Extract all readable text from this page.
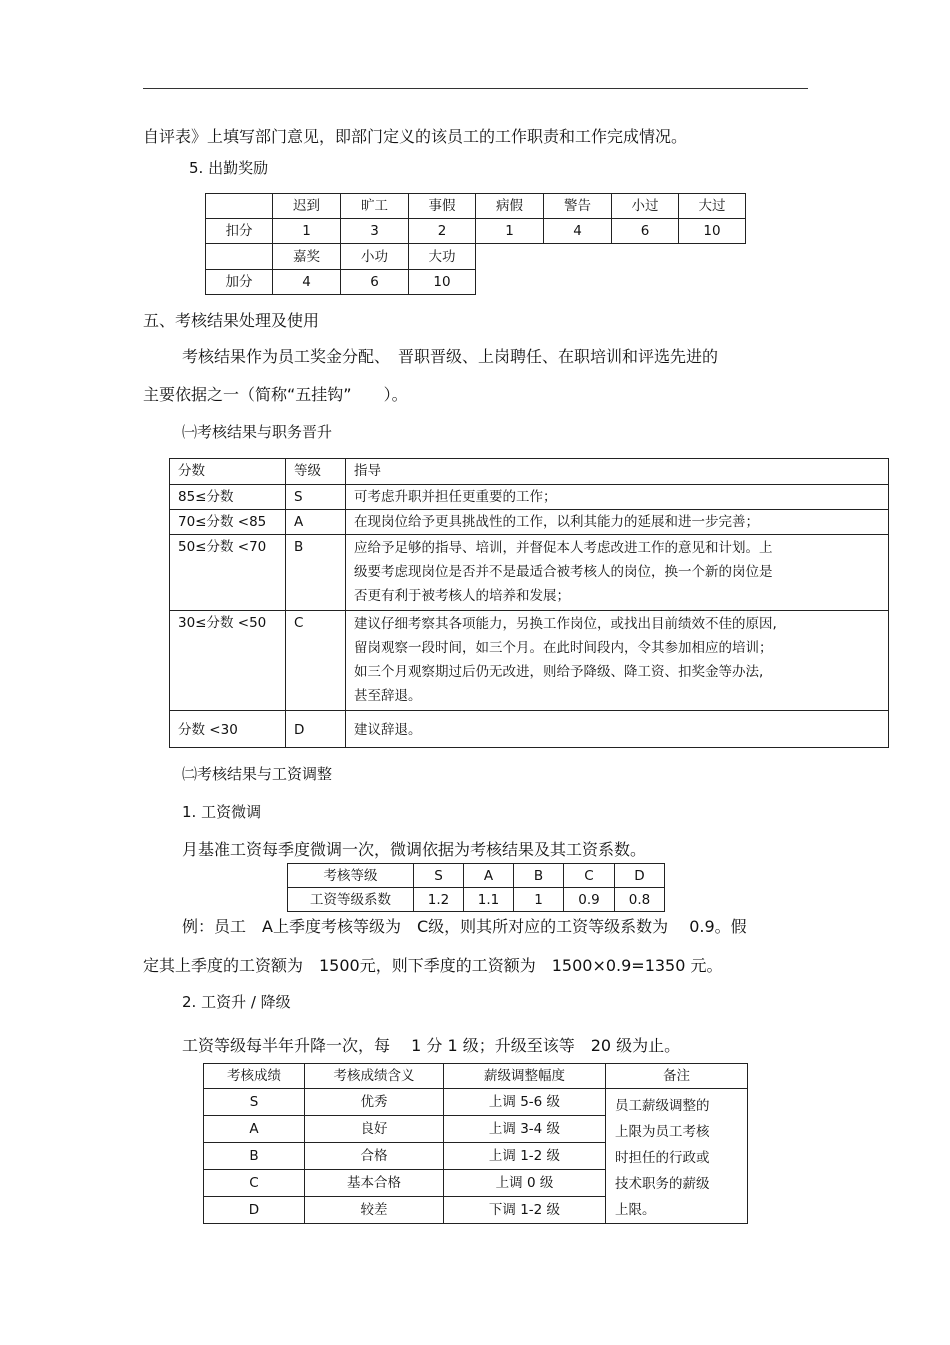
自评表》上填写部门意见，即部门定义的该员工的工作职责和工作完成情况。
5. 出勤奖励
	迟到	旷工	事假	病假	警告	小过	大过
扣分	1	3	2	1	4	6	10
	嘉奖	小功	大功				
加分	4	6	10				
五、考核结果处理及使用
考核结果作为员工奖金分配、　晋职晋级、上岗聘任、在职培训和评选先进的
主要依据之一（简称“五挂钩”　　）。
㈠考核结果与职务晋升
分数	等级	指导
85≤分数	S	可考虑升职并担任更重要的工作；
70≤分数 <85	A	在现岗位给予更具挑战性的工作，以利其能力的延展和进一步完善；
50≤分数 <70	B	应给予足够的指导、培训，并督促本人考虑改进工作的意见和计划。上
级要考虑现岗位是否并不是最适合被考核人的岗位，换一个新的岗位是
否更有利于被考核人的培养和发展；

30≤分数 <50	C	建议仔细考察其各项能力，另换工作岗位，或找出目前绩效不佳的原因,
留岗观察一段时间，如三个月。在此时间段内，令其参加相应的培训；
如三个月观察期过后仍无改进，则给予降级、降工资、扣奖金等办法,
甚至辞退。

分数 <30	D	建议辞退。
㈡考核结果与工资调整
1. 工资微调
月基准工资每季度微调一次，微调依据为考核结果及其工资系数。
考核等级	S	A	B	C	D
工资等级系数	1.2	1.1	1	0.9	0.8
例：员工　A上季度考核等级为　C级，则其所对应的工资等级系数为　 0.9。假
定其上季度的工资额为　1500元，则下季度的工资额为　1500×0.9=1350 元。
2. 工资升 / 降级
工资等级每半年升降一次，每　 1 分 1 级；升级至该等　20 级为止。
考核成绩	考核成绩含义	薪级调整幅度	备注
S	优秀	上调 5-6 级	员工薪级调整的
上限为员工考核
时担任的行政或
技术职务的薪级
上限。

A	良好	上调 3-4 级	
B	合格	上调 1-2 级	
C	基本合格	上调 0 级	
D	较差	下调 1-2 级	
